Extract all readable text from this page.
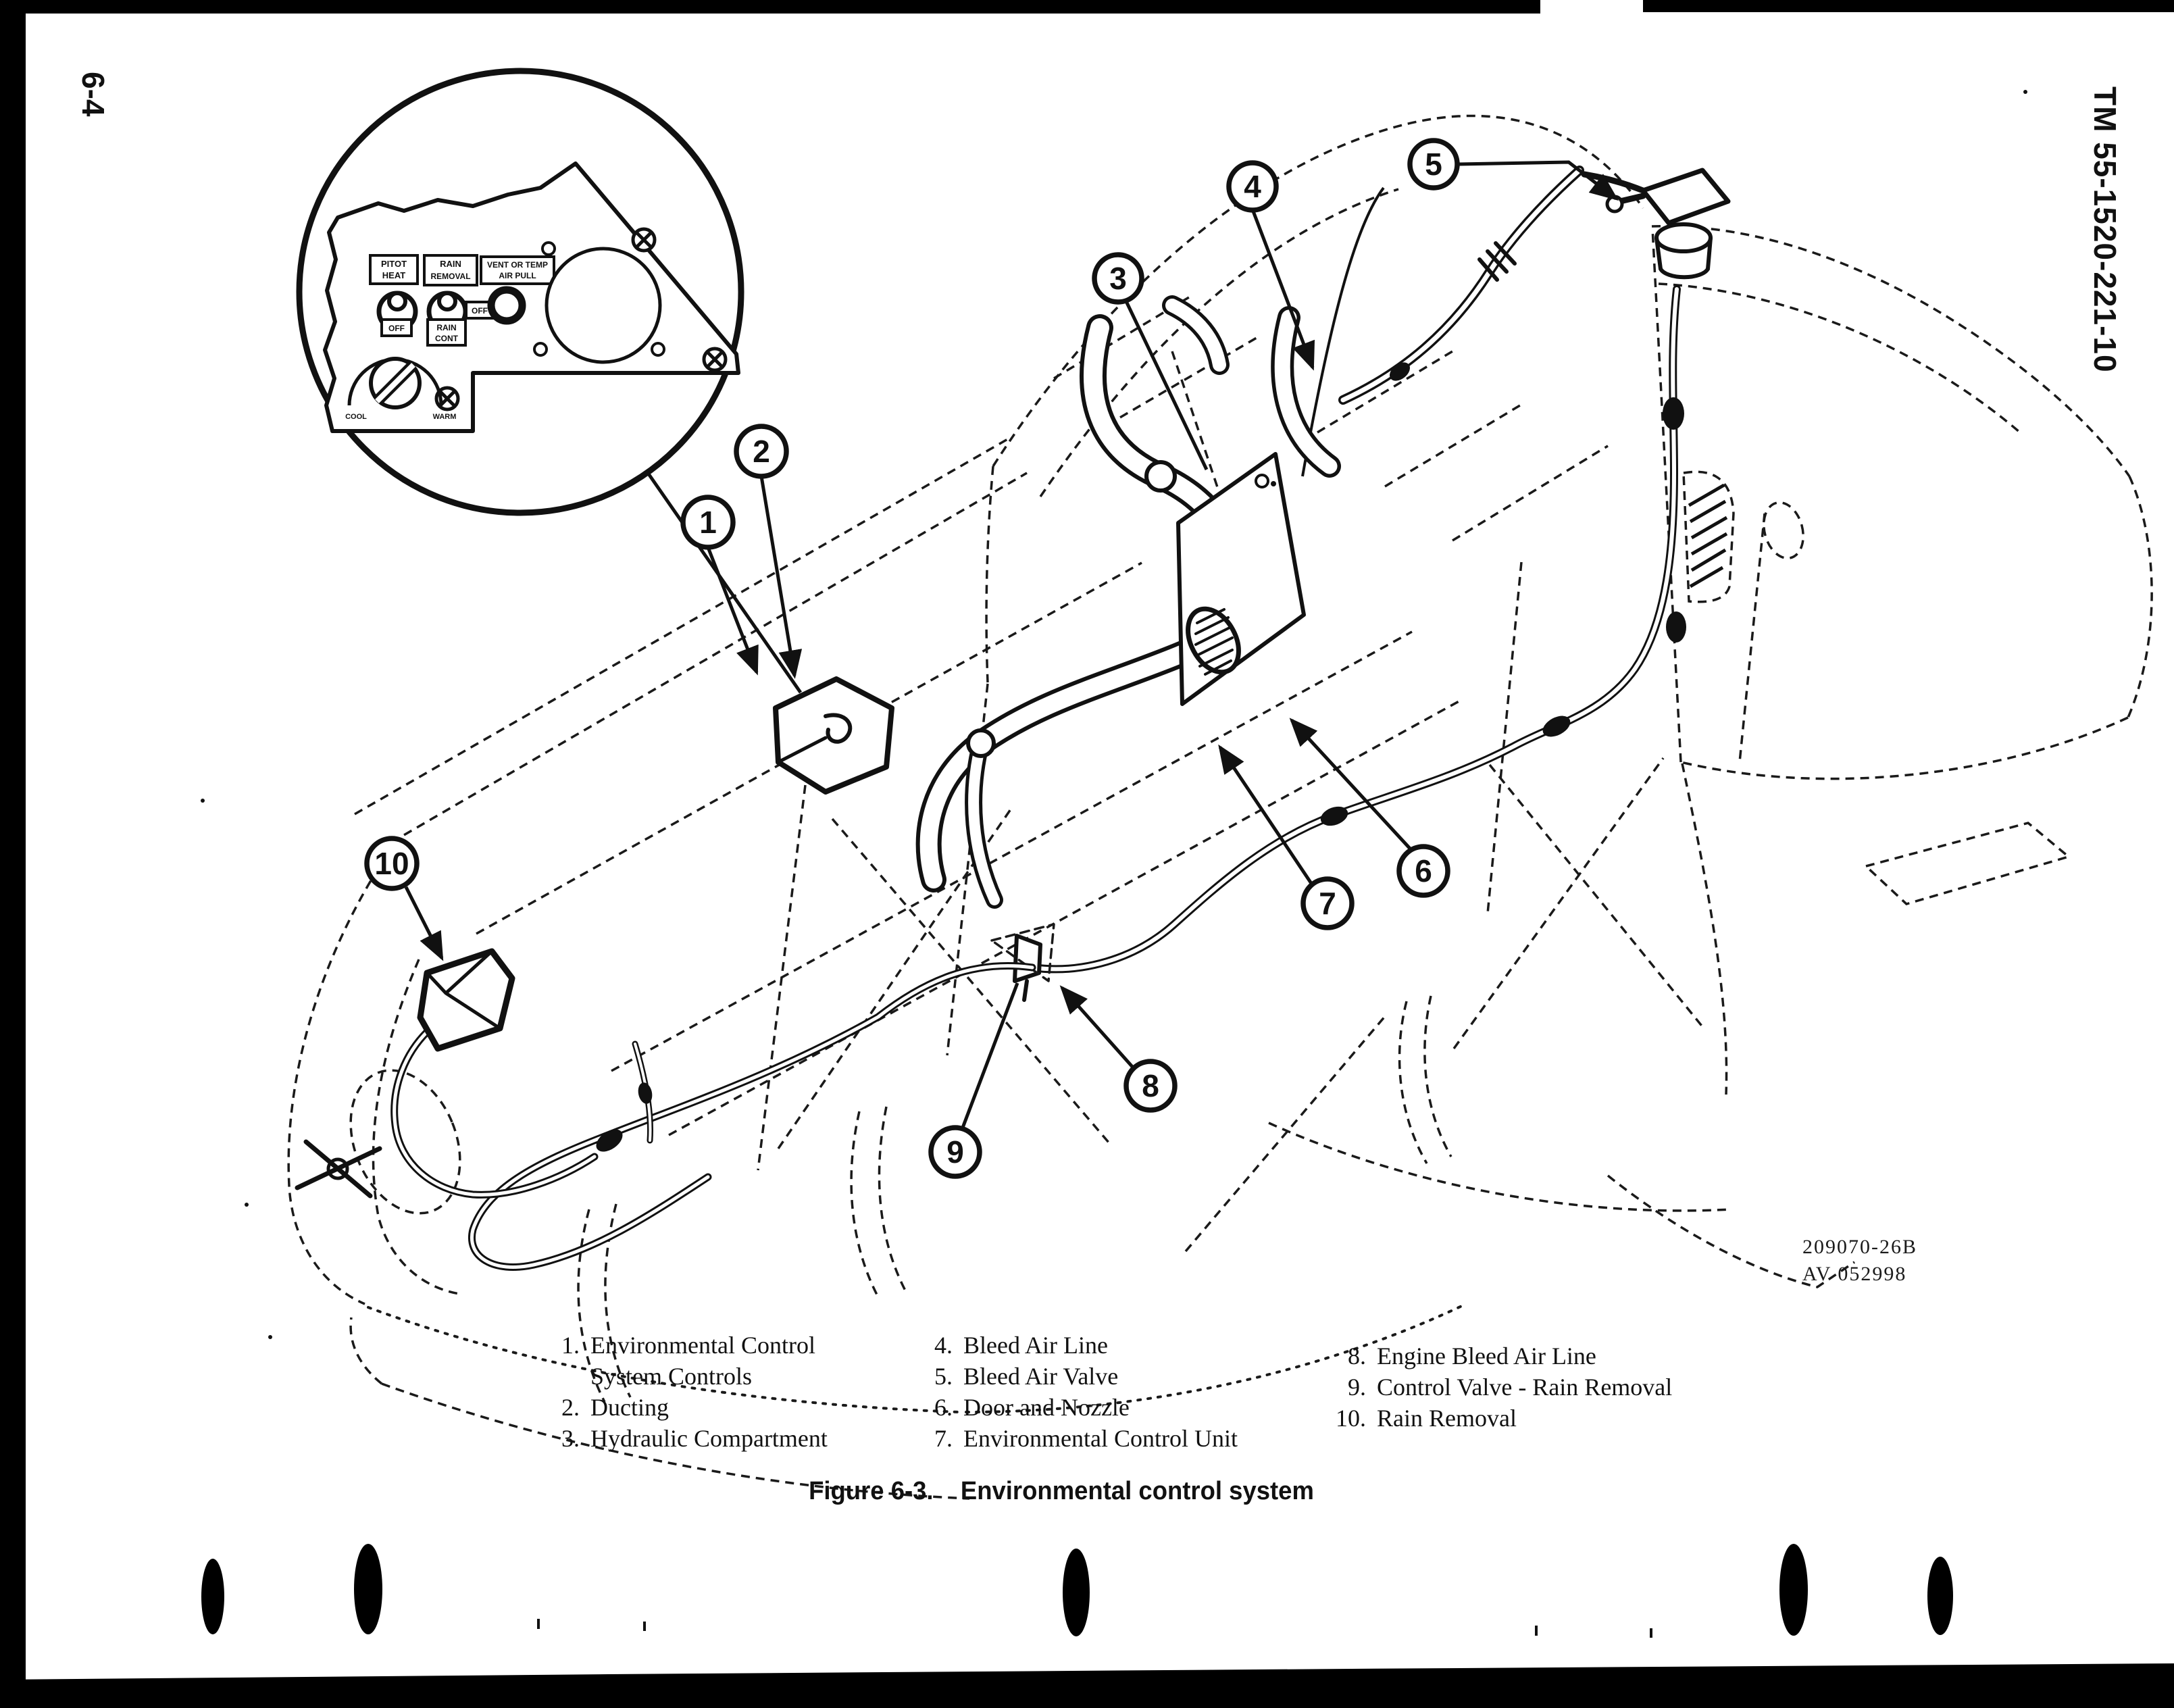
6-4	TM 55-1520-221-10
PITOT
HEAT
RAIN
REMOVAL
VENT OR TEMP
AIR PULL
OFF	RAIN
CONT
OFF
COOL	WARM
1
2
3
4
5
6
7
8
9
10
1. Environmental Control
System Controls
2. Ducting
3. Hydraulic Compartment
4. Bleed Air Line
5. Bleed Air Valve
6. Door and Nozzle
7. Environmental Control Unit
8. Engine Bleed Air Line
9. Control Valve - Rain Removal
10. Rain Removal
209070-26B
AV 052998
Figure 6-3. Environmental control system
